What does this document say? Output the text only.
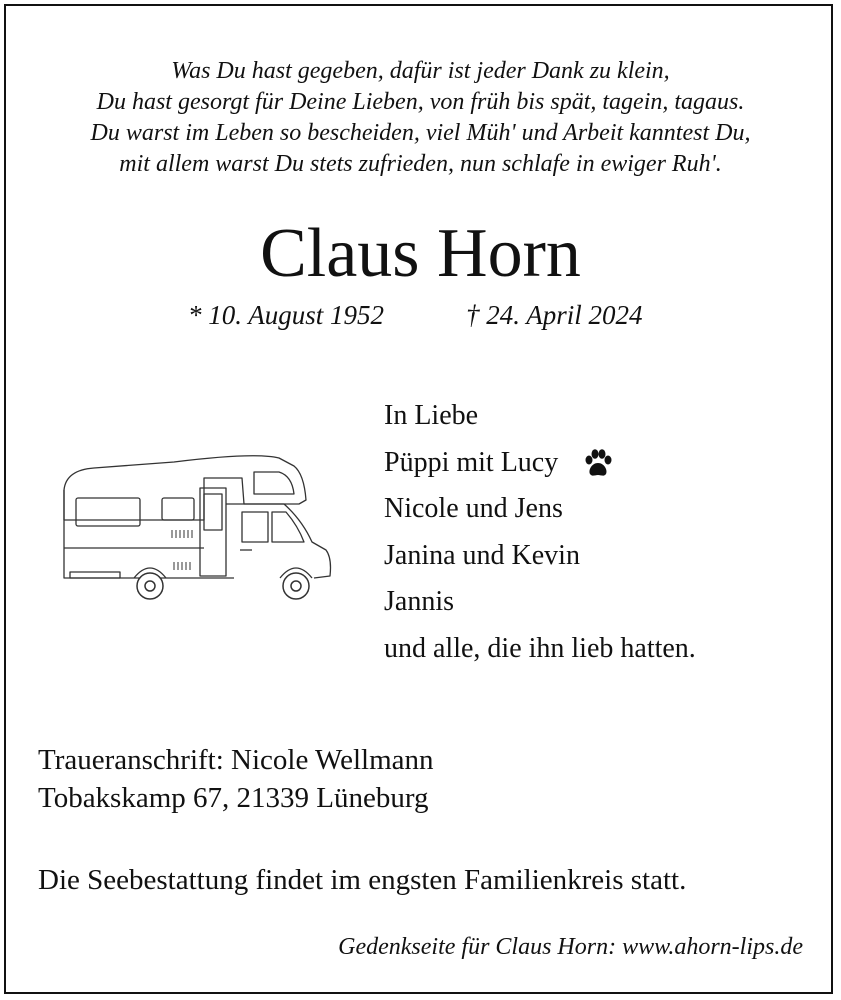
Was Du hast gegeben, dafür ist jeder Dank zu klein,
Du hast gesorgt für Deine Lieben, von früh bis spät, tagein, tagaus.
Du warst im Leben so bescheiden, viel Müh' und Arbeit kanntest Du,
mit allem warst Du stets zufrieden, nun schlafe in ewiger Ruh'.
Claus Horn
* 10. August 1952	† 24. April 2024
In Liebe
Püppi mit Lucy
Nicole und Jens
Janina und Kevin
Jannis
und alle, die ihn lieb hatten.
Traueranschrift: Nicole Wellmann
Tobakskamp 67, 21339 Lüneburg
Die Seebestattung findet im engsten Familienkreis statt.
Gedenkseite für Claus Horn: www.ahorn-lips.de
